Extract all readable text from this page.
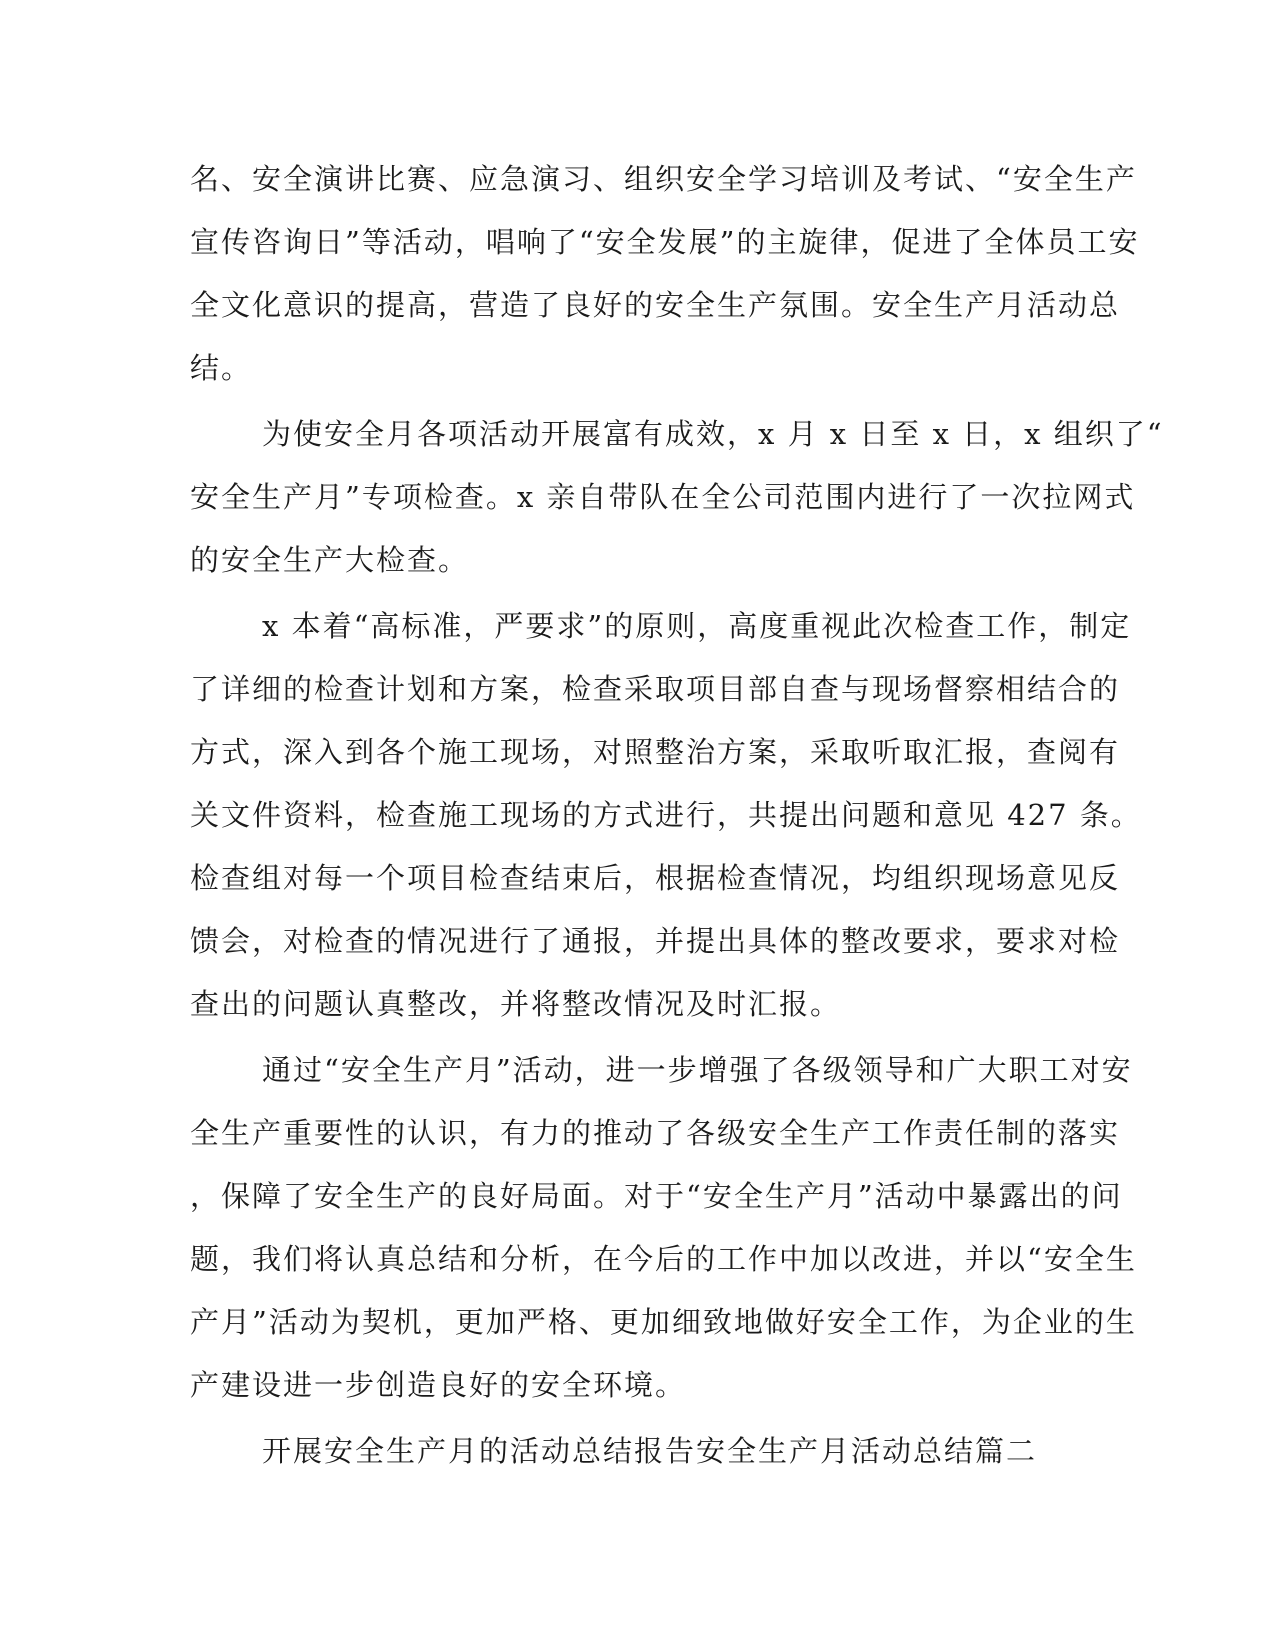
名、安全演讲比赛、应急演习、组织安全学习培训及考试、“安全生产
宣传咨询日”等活动，唱响了“安全发展”的主旋律，促进了全体员工安
全文化意识的提高，营造了良好的安全生产氛围。安全生产月活动总
结。
为使安全月各项活动开展富有成效，x 月 x 日至 x 日，x 组织了“
安全生产月”专项检查。x 亲自带队在全公司范围内进行了一次拉网式
的安全生产大检查。
x 本着“高标准，严要求”的原则，高度重视此次检查工作，制定
了详细的检查计划和方案，检查采取项目部自查与现场督察相结合的
方式，深入到各个施工现场，对照整治方案，采取听取汇报，查阅有
关文件资料，检查施工现场的方式进行，共提出问题和意见 427 条。
检查组对每一个项目检查结束后，根据检查情况，均组织现场意见反
馈会，对检查的情况进行了通报，并提出具体的整改要求，要求对检
查出的问题认真整改，并将整改情况及时汇报。
通过“安全生产月”活动，进一步增强了各级领导和广大职工对安
全生产重要性的认识，有力的推动了各级安全生产工作责任制的落实
，保障了安全生产的良好局面。对于“安全生产月”活动中暴露出的问
题，我们将认真总结和分析，在今后的工作中加以改进，并以“安全生
产月”活动为契机，更加严格、更加细致地做好安全工作，为企业的生
产建设进一步创造良好的安全环境。
开展安全生产月的活动总结报告安全生产月活动总结篇二
